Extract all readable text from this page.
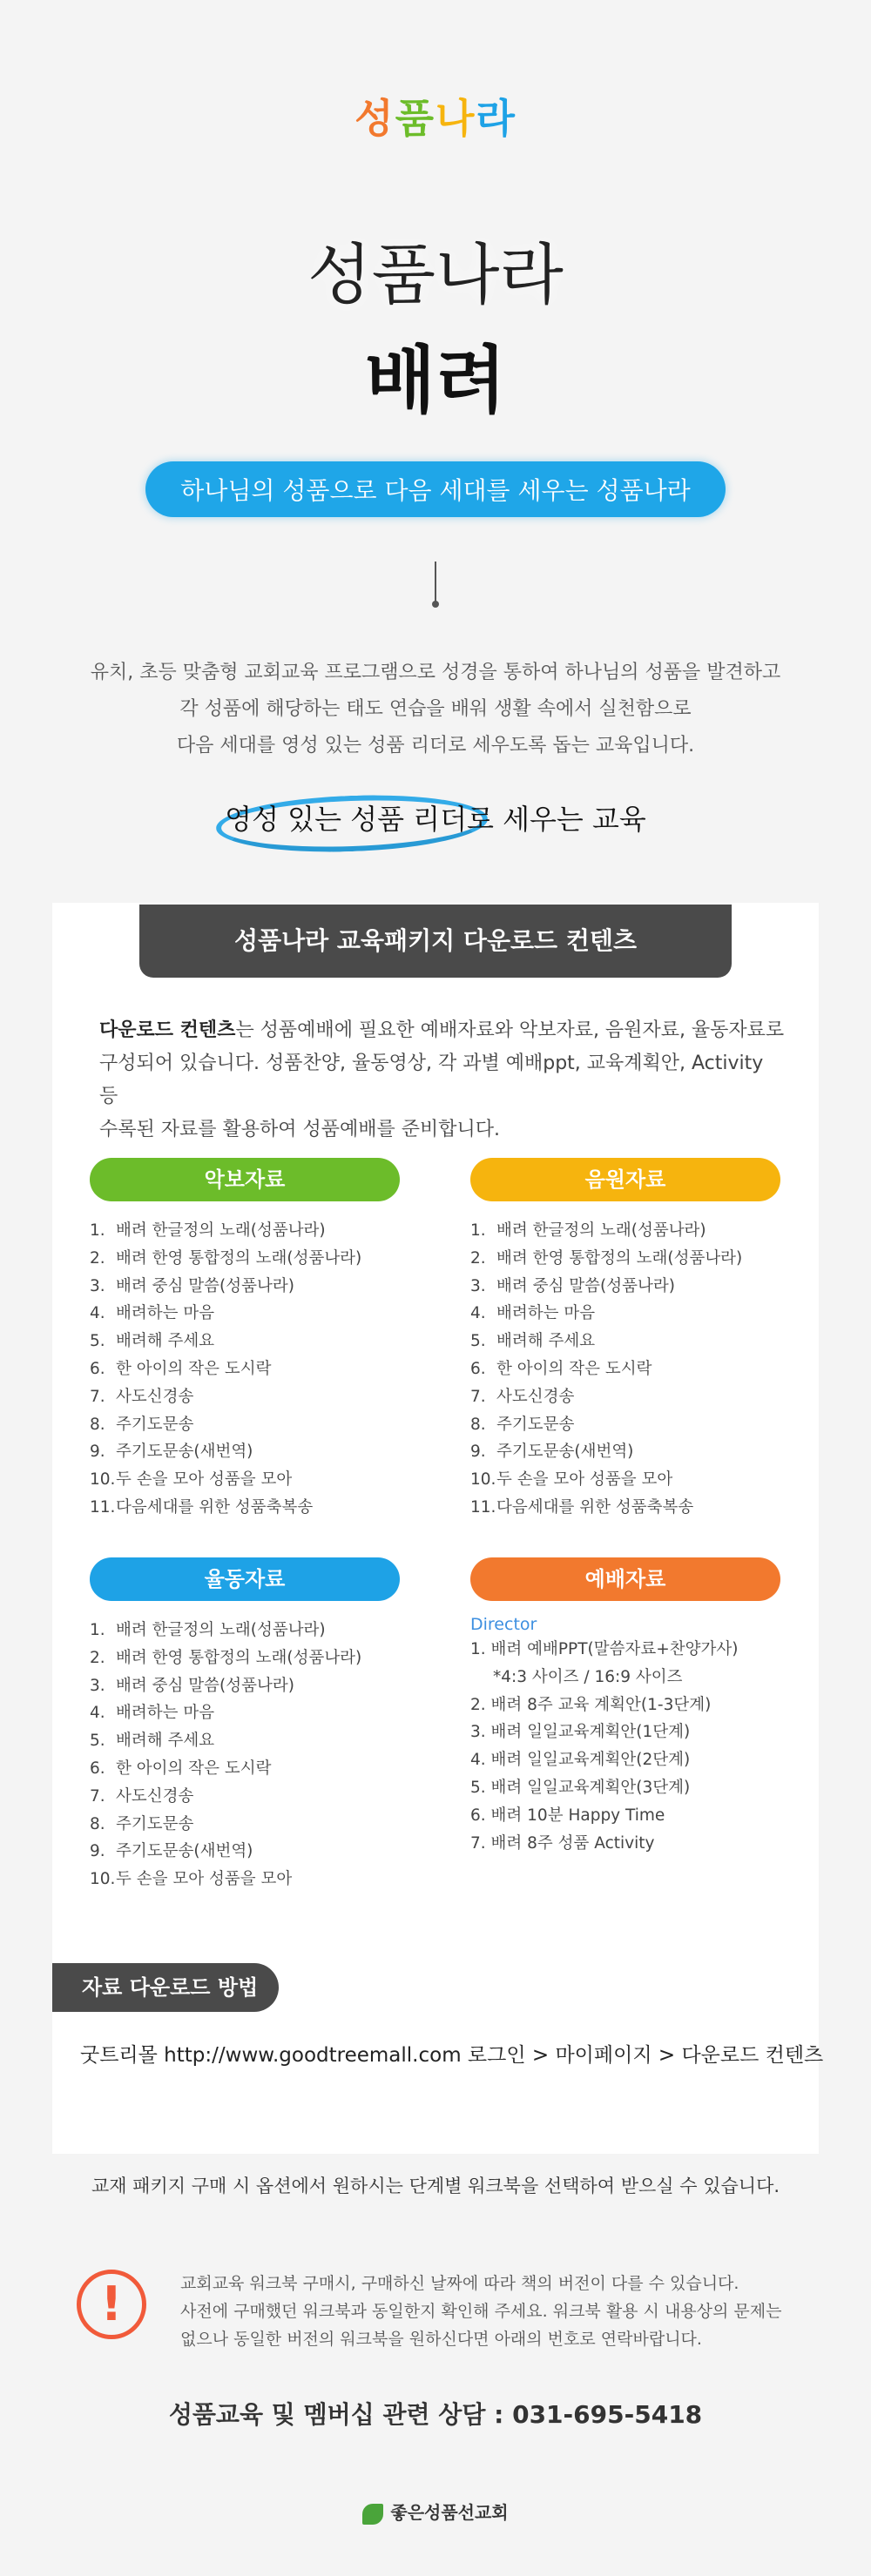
성품나라
성품나라
배려
하나님의 성품으로 다음 세대를 세우는 성품나라
유치, 초등 맞춤형 교회교육 프로그램으로 성경을 통하여 하나님의 성품을 발견하고
각 성품에 해당하는 태도 연습을 배워 생활 속에서 실천함으로
다음 세대를 영성 있는 성품 리더로 세우도록 돕는 교육입니다.
영성 있는 성품 리더로 세우는 교육
성품나라 교육패키지 다운로드 컨텐츠
다운로드 컨텐츠는 성품예배에 필요한 예배자료와 악보자료, 음원자료, 율동자료로
구성되어 있습니다. 성품찬양, 율동영상, 각 과별 예배ppt, 교육계획안, Activity 등
수록된 자료를 활용하여 성품예배를 준비합니다.
악보자료
1. 배려 한글정의 노래(성품나라)
2. 배려 한영 통합정의 노래(성품나라)
3. 배려 중심 말씀(성품나라)
4. 배려하는 마음
5. 배려해 주세요
6. 한 아이의 작은 도시락
7. 사도신경송
8. 주기도문송
9. 주기도문송(새번역)
10.두 손을 모아 성품을 모아
11.다음세대를 위한 성품축복송
음원자료
1. 배려 한글정의 노래(성품나라)
2. 배려 한영 통합정의 노래(성품나라)
3. 배려 중심 말씀(성품나라)
4. 배려하는 마음
5. 배려해 주세요
6. 한 아이의 작은 도시락
7. 사도신경송
8. 주기도문송
9. 주기도문송(새번역)
10.두 손을 모아 성품을 모아
11.다음세대를 위한 성품축복송
율동자료
1. 배려 한글정의 노래(성품나라)
2. 배려 한영 통합정의 노래(성품나라)
3. 배려 중심 말씀(성품나라)
4. 배려하는 마음
5. 배려해 주세요
6. 한 아이의 작은 도시락
7. 사도신경송
8. 주기도문송
9. 주기도문송(새번역)
10.두 손을 모아 성품을 모아
예배자료
Director
1. 배려 예배PPT(말씀자료+찬양가사)
*4:3 사이즈 / 16:9 사이즈
2. 배려 8주 교육 계획안(1-3단계)
3. 배려 일일교육계획안(1단계)
4. 배려 일일교육계획안(2단계)
5. 배려 일일교육계획안(3단계)
6. 배려 10분 Happy Time
7. 배려 8주 성품 Activity
자료 다운로드 방법
굿트리몰 http://www.goodtreemall.com 로그인 > 마이페이지 > 다운로드 컨텐츠
교재 패키지 구매 시 옵션에서 원하시는 단계별 워크북을 선택하여 받으실 수 있습니다.
!	교회교육 워크북 구매시, 구매하신 날짜에 따라 책의 버전이 다를 수 있습니다.
사전에 구매했던 워크북과 동일한지 확인해 주세요. 워크북 활용 시 내용상의 문제는
없으나 동일한 버전의 워크북을 원하신다면 아래의 번호로 연락바랍니다.
성품교육 및 멤버십 관련 상담 : 031-695-5418
좋은성품선교회
